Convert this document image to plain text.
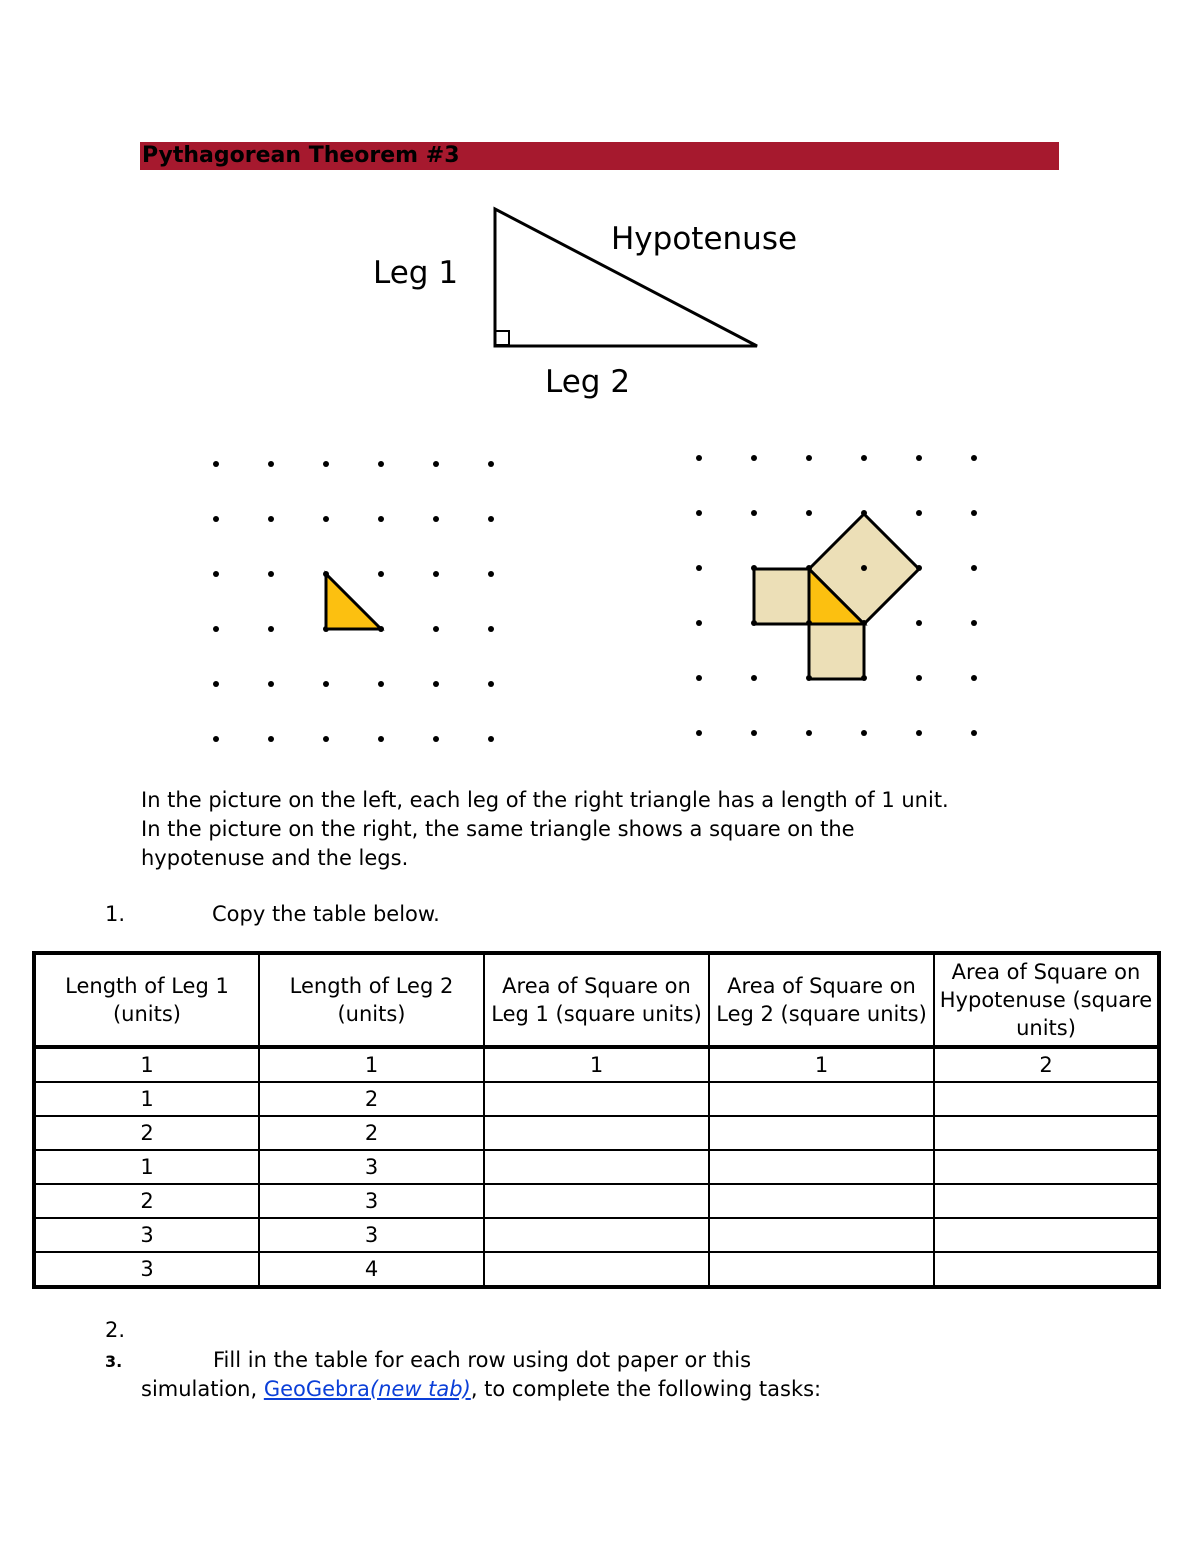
Pythagorean Theorem #3
Leg 1
Leg 2
Hypotenuse
In the picture on the left, each leg of the right triangle has a length of 1 unit.
In the picture on the right, the same triangle shows a square on the
hypotenuse and the legs.
1.	Copy the table below.
Length of Leg 1 (units)	Length of Leg 2 (units)	Area of Square on Leg 1 (square units)	Area of Square on Leg 2 (square units)	Area of Square on Hypotenuse (square units)
1	1	1	1	2
1	2			
2	2			
1	3			
2	3			
3	3			
3	4			
2.
3.	Fill in the table for each row using dot paper or this
simulation, GeoGebra(new tab), to complete the following tasks:
